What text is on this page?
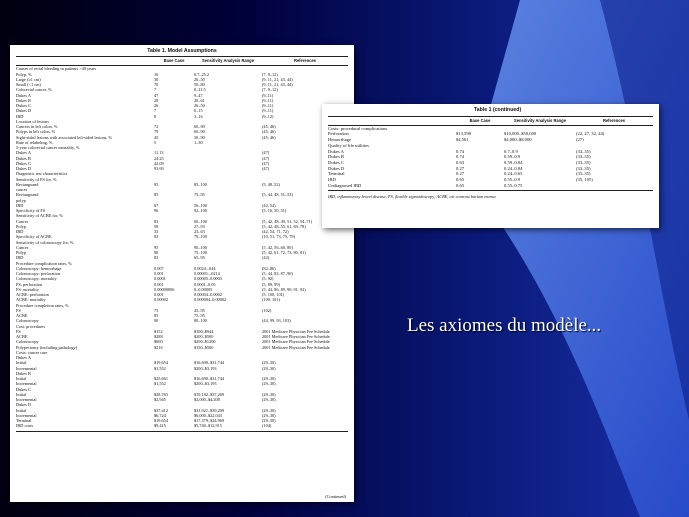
Table 1. Model Assumptions
Base Case	Sensitivity Analysis Range	References
Causes of rectal bleeding in patients >40 years
Polyp, %	16	0.7–25.2	(7, 9–12)
Large (≥1 cm)	30	20–50	(9, 11, 21, 43, 44)
Small (<1 cm)	70	50–80	(9, 11, 21, 43, 44)
Colorectal cancer, %	7	0–11.5	(7, 9–12)
Dukes A	47	9–47	(9–11)
Dukes B	20	20–61	(9–11)
Dukes C	26	26–50	(9–11)
Dukes D	7	0–15	(9–11)
IBD	8	3–16	(9–12)
Location of lesions
Cancers in left colon, %	72	60–90	(45, 46)
Polyps in left colon, %	79	60–90	(45, 46)
Sight-sided lesions with associated left-sided lesions, %	45	30–90	(45, 46)
Rate of relabeling, %	5	1–30
5-year colorectal cancer mortality, %
Dukes A	11.13	(47)
Dukes B	24.25	(47)
Dukes C	42.09	(47)
Dukes D	93.69	(47)
Diagnostic test characteristics
Sensitivity of FS for, %
Rectangoand	95	85–100	(5, 48–52)
cancer
Rectangoand	85	75–95	(5, 44, 48, 51–53)
polyp
IBD	67	56–100	(42, 54)
Specificity of FS	96	92–100	(5, 16, 50, 51)
Sensitivity of ACBE for, %
Cancer	83	60–100	(5, 42, 48, 49, 51, 52, 54–71)
Polyp	58	27–93	(5, 42, 48–55, 61, 69–78)
IBD	33	23–63	(42, 54, 71, 72)
Specificity of ACBE	93	79–100	(10, 51, 73, 75, 79)
Sensitivity of colonoscopy for, %
Cancer	95	90–100	(5, 42, 56–60, 80)
Polyp	90	75–100	(5, 42, 61, 72, 73, 80, 81)
IBD	83	65–95	(42)
Procedure complication rates, %
Colonoscopy: hemorrhage	0.007	0.0024–.044	(82–86)
Colonoscopy: perforation	0.001	0.00001–.0214	(5, 44, 83, 87–90)
Colonoscopy: mortality	0.0001	0.00005–0.0003	(5, 92)
FS: perforation	0.001	0.0001–0.05	(5, 89, 99)
FS: mortality	0.00000006	0–0.00005	(5, 44, 86, 89, 90, 91, 92)
ACBE: perforation	0.001	0.00004–0.0002	(5, 100, 101)
ACBE: mortality	0.00002	0.000004–0.00002	(100, 101)
Procedure completion rates, %
FS	75	45–95	(102)
ACBE	85	75–95
Colonoscopy	90	80–100	(44, 99, 93, 103)
Cost: procedures
FS	$152	$100–$944	2001 Medicare Physician Fee Schedule
ACBE	$288	$200–$500	2001 Medicare Physician Fee Schedule
Colonoscopy	$600	$200–$1200	2001 Medicare Physician Fee Schedule
Polypectomy (including pathology)	$216	$150–$500	2001 Medicare Physician Fee Schedule
Costs: cancer care
Dukes A
Initial	$19,654	$16,690–$31,744	(29–30)
Incremental	$1,552	$200–$3,193	(29–30)
Dukes B
Initial	$25,661	$16,690–$31,744	(29–30)
Incremental	$1,552	$200–$3,193	(29–30)
Dukes C
Initial	$28,765	$19,182–$37,269	(29–30)
Incremental	$2,945	$2,000–$4,208	(29–30)
Dukes D
Initial	$37,412	$31,921–$39,209	(29–30)
Incremental	$6,724	$6,000–$22,043	(29–30)
Terminal	$19,654	$17,379–$24,969	(29–30)
IBD costs	$9,415	$5,740–$12,915	(104)
(Continued)
Table 1 (continued)
Base Case	Sensitivity Analysis Range	References
Costs: procedural complications
Perforation	$13,598	$10,000–$50,000	(22, 27, 32, 44)
Hemorrhage	$4,561	$4,000–$8,000	(27)
Quality of life utilities
Dukes A	0.74	0.7–0.9	(33–35)
Dukes B	0.74	0.59–0.9	(33–35)
Dukes C	0.63	0.59–0.84	(33–35)
Dukes D	0.27	0.24–0.84	(33–35)
Terminal	0.27	0.24–0.65	(33–35)
IBD	0.65	0.55–0.9	(35, 105)
Undiagnosed IBD	0.65	0.55–0.75
IBD, inflammatory bowel disease; FS, flexible sigmoidoscopy; ACBE, air contrast barium enema.
Les axiomes du modèle...
